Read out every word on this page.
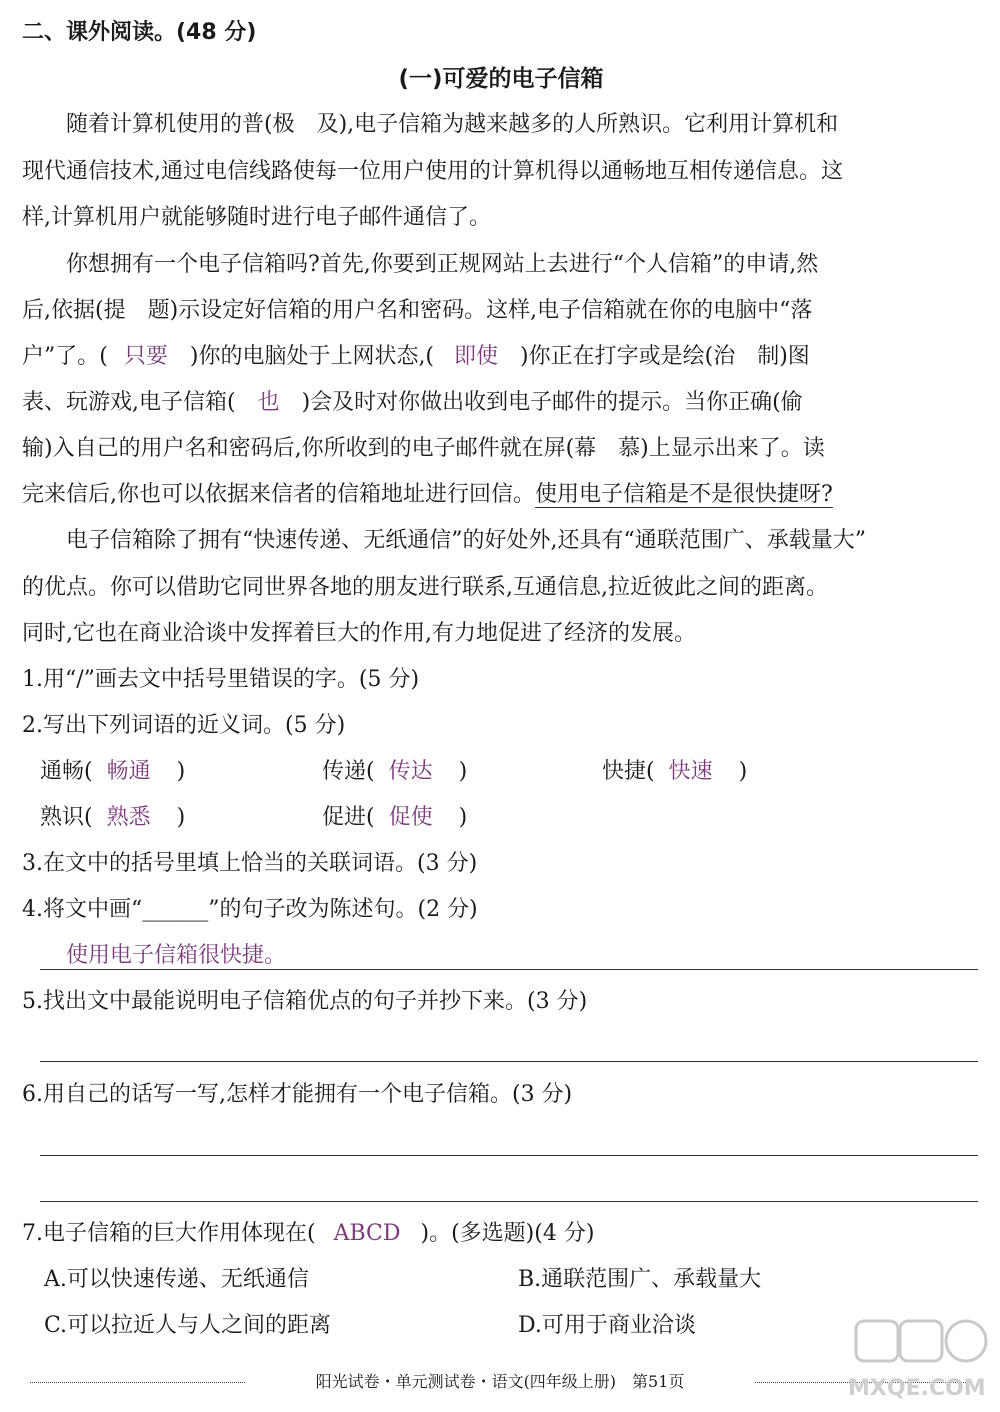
二、课外阅读。(48 分)
(一)可爱的电子信箱
随着计算机使用的普(极　及),电子信箱为越来越多的人所熟识。它利用计算机和
现代通信技术,通过电信线路使每一位用户使用的计算机得以通畅地互相传递信息。这
样,计算机用户就能够随时进行电子邮件通信了。
你想拥有一个电子信箱吗?首先,你要到正规网站上去进行“个人信箱”的申请,然
后,依据(提　题)示设定好信箱的用户名和密码。这样,电子信箱就在你的电脑中“落
户”了。( 只要 )你的电脑处于上网状态,( 即使 )你正在打字或是绘(治　制)图
表、玩游戏,电子信箱( 也 )会及时对你做出收到电子邮件的提示。当你正确(偷
输)入自己的用户名和密码后,你所收到的电子邮件就在屏(幕　慕)上显示出来了。读
完来信后,你也可以依据来信者的信箱地址进行回信。使用电子信箱是不是很快捷呀?
电子信箱除了拥有“快速传递、无纸通信”的好处外,还具有“通联范围广、承载量大”
的优点。你可以借助它同世界各地的朋友进行联系,互通信息,拉近彼此之间的距离。
同时,它也在商业洽谈中发挥着巨大的作用,有力地促进了经济的发展。
1.用“/”画去文中括号里错误的字。(5 分)
2.写出下列词语的近义词。(5 分)
通畅( 畅通 )	传递( 传达 )	快捷( 快速 )
熟识( 熟悉 )	促进( 促使 )
3.在文中的括号里填上恰当的关联词语。(3 分)
4.将文中画“______”的句子改为陈述句。(2 分)
使用电子信箱很快捷。
5.找出文中最能说明电子信箱优点的句子并抄下来。(3 分)
6.用自己的话写一写,怎样才能拥有一个电子信箱。(3 分)
7.电子信箱的巨大作用体现在( ABCD )。(多选题)(4 分)
A.可以快速传递、无纸通信	B.通联范围广、承载量大
C.可以拉近人与人之间的距离	D.可用于商业洽谈
阳光试卷・单元测试卷・语文(四年级上册)　第51页	MXQE.COM
